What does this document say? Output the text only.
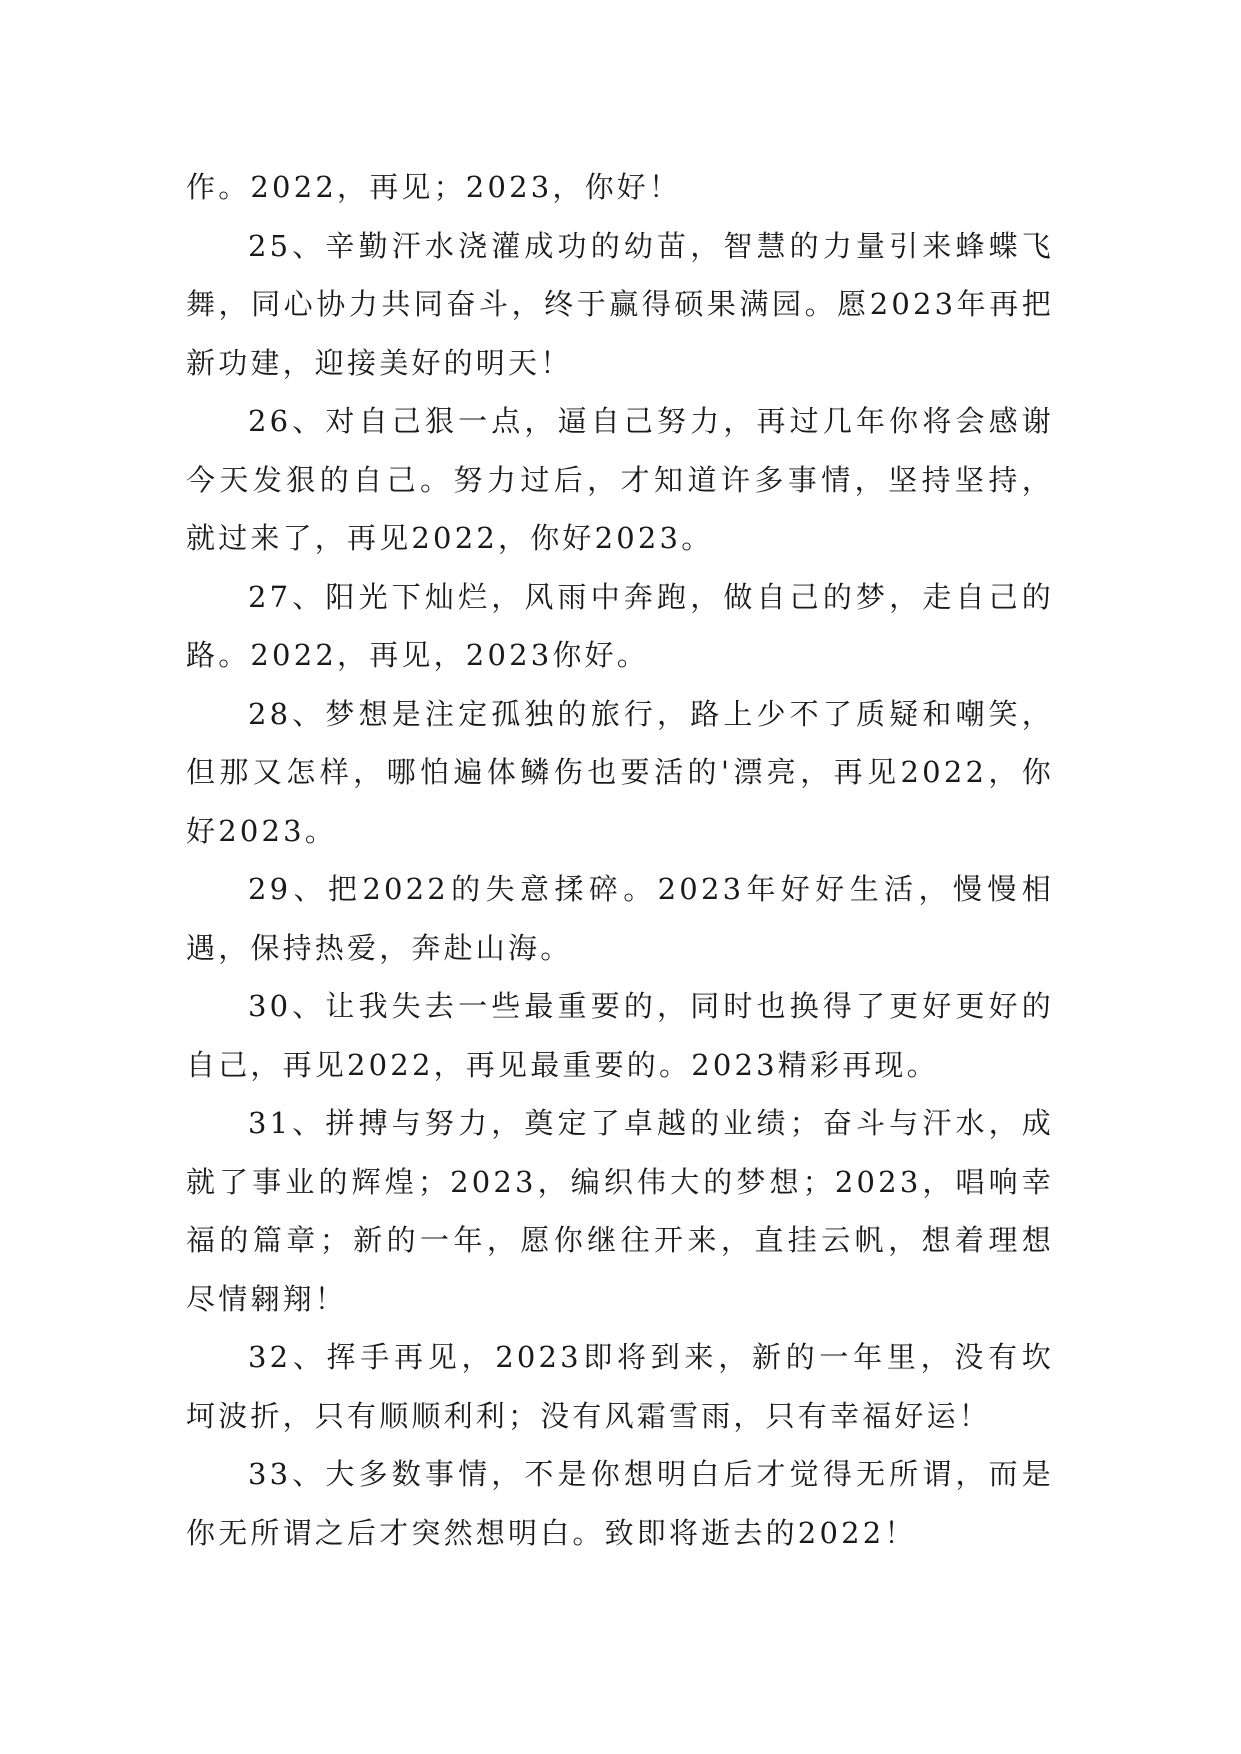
作。2022，再见；2023，你好！

25、辛勤汗水浇灌成功的幼苗，智慧的力量引来蜂蝶飞舞，同心协力共同奋斗，终于赢得硕果满园。愿2023年再把新功建，迎接美好的明天！

26、对自己狠一点，逼自己努力，再过几年你将会感谢今天发狠的自己。努力过后，才知道许多事情，坚持坚持，就过来了，再见2022，你好2023。

27、阳光下灿烂，风雨中奔跑，做自己的梦，走自己的路。2022，再见，2023你好。

28、梦想是注定孤独的旅行，路上少不了质疑和嘲笑，但那又怎样，哪怕遍体鳞伤也要活的'漂亮，再见2022，你好2023。

29、把2022的失意揉碎。2023年好好生活，慢慢相遇，保持热爱，奔赴山海。

30、让我失去一些最重要的，同时也换得了更好更好的自己，再见2022，再见最重要的。2023精彩再现。

31、拼搏与努力，奠定了卓越的业绩；奋斗与汗水，成就了事业的辉煌；2023，编织伟大的梦想；2023，唱响幸福的篇章；新的一年，愿你继往开来，直挂云帆，想着理想尽情翱翔！

32、挥手再见，2023即将到来，新的一年里，没有坎坷波折，只有顺顺利利；没有风霜雪雨，只有幸福好运！

33、大多数事情，不是你想明白后才觉得无所谓，而是你无所谓之后才突然想明白。致即将逝去的2022！
